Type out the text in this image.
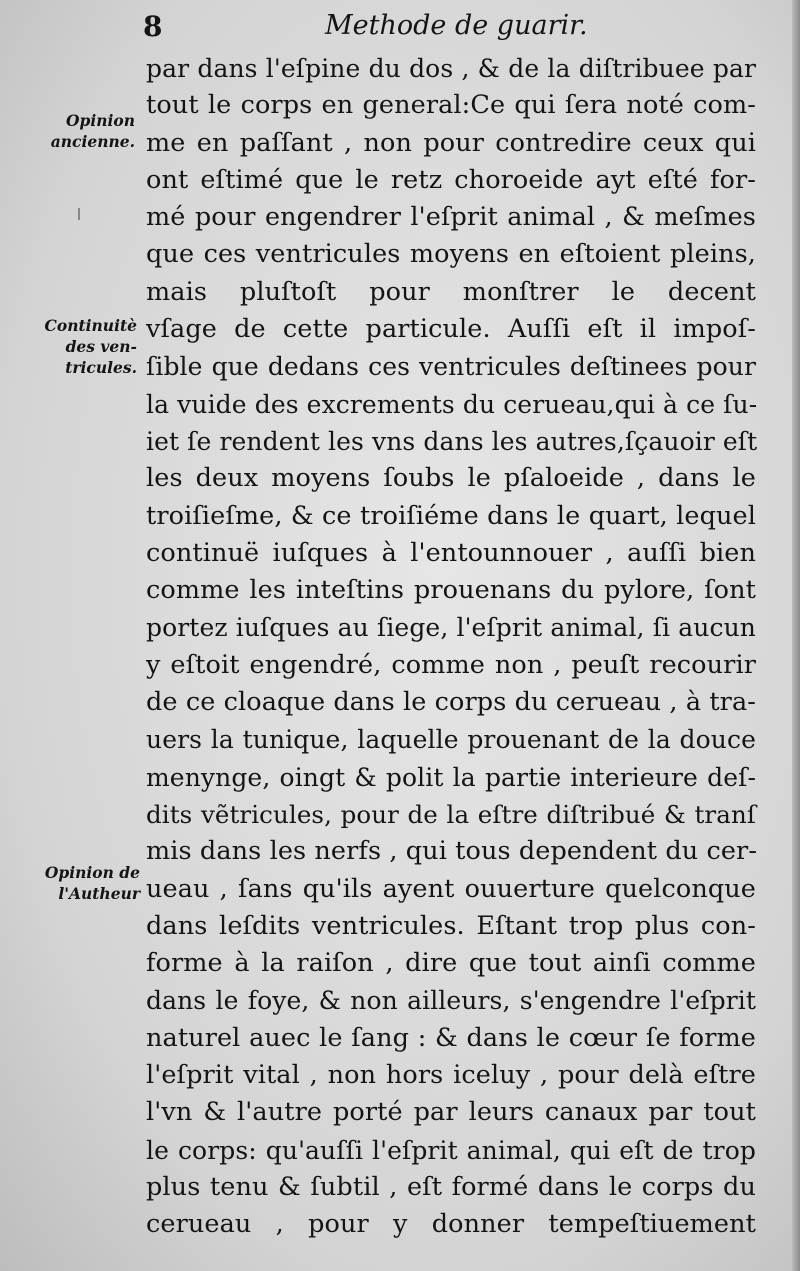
8	Methode de guarir.
Opinion
ancienne.
Continuitè
des ven-
tricules.
Opinion de
l'Autheur
par dans l'eſpine du dos , & de la diſtribuee par
tout le corps en general:Ce qui ſera noté com-
me en paſſant , non pour contredire ceux qui
ont eſtimé que le retz choroeide ayt eſté for-
mé pour engendrer l'eſprit animal , & meſmes
que ces ventricules moyens en eſtoient pleins,
mais pluſtoſt pour monſtrer le decent
vſage de cette particule. Auſſi eſt il impoſ-
ſible que dedans ces ventricules deſtinees pour
la vuide des excrements du cerueau,qui à ce ſu-
iet ſe rendent les vns dans les autres,ſçauoir eſt
les deux moyens ſoubs le pſaloeide , dans le
troiſieſme, & ce troiſiéme dans le quart, lequel
continuë iuſques à l'entounnouer , auſſi bien
comme les inteſtins prouenans du pylore, ſont
portez iuſques au ſiege, l'eſprit animal, ſi aucun
y eſtoit engendré, comme non , peuſt recourir
de ce cloaque dans le corps du cerueau , à tra-
uers la tunique, laquelle prouenant de la douce
menynge, oingt & polit la partie interieure deſ-
dits vẽtricules, pour de la eſtre diſtribué & tranſ
mis dans les nerfs , qui tous dependent du cer-
ueau , ſans qu'ils ayent ouuerture quelconque
dans leſdits ventricules. Eſtant trop plus con-
forme à la raiſon , dire que tout ainſi comme
dans le foye, & non ailleurs, s'engendre l'eſprit
naturel auec le ſang : & dans le cœur ſe forme
l'eſprit vital , non hors iceluy , pour delà eſtre
l'vn & l'autre porté par leurs canaux par tout
le corps: qu'auſſi l'eſprit animal, qui eſt de trop
plus tenu & ſubtil , eſt formé dans le corps du
cerueau , pour y donner tempeſtiuement
